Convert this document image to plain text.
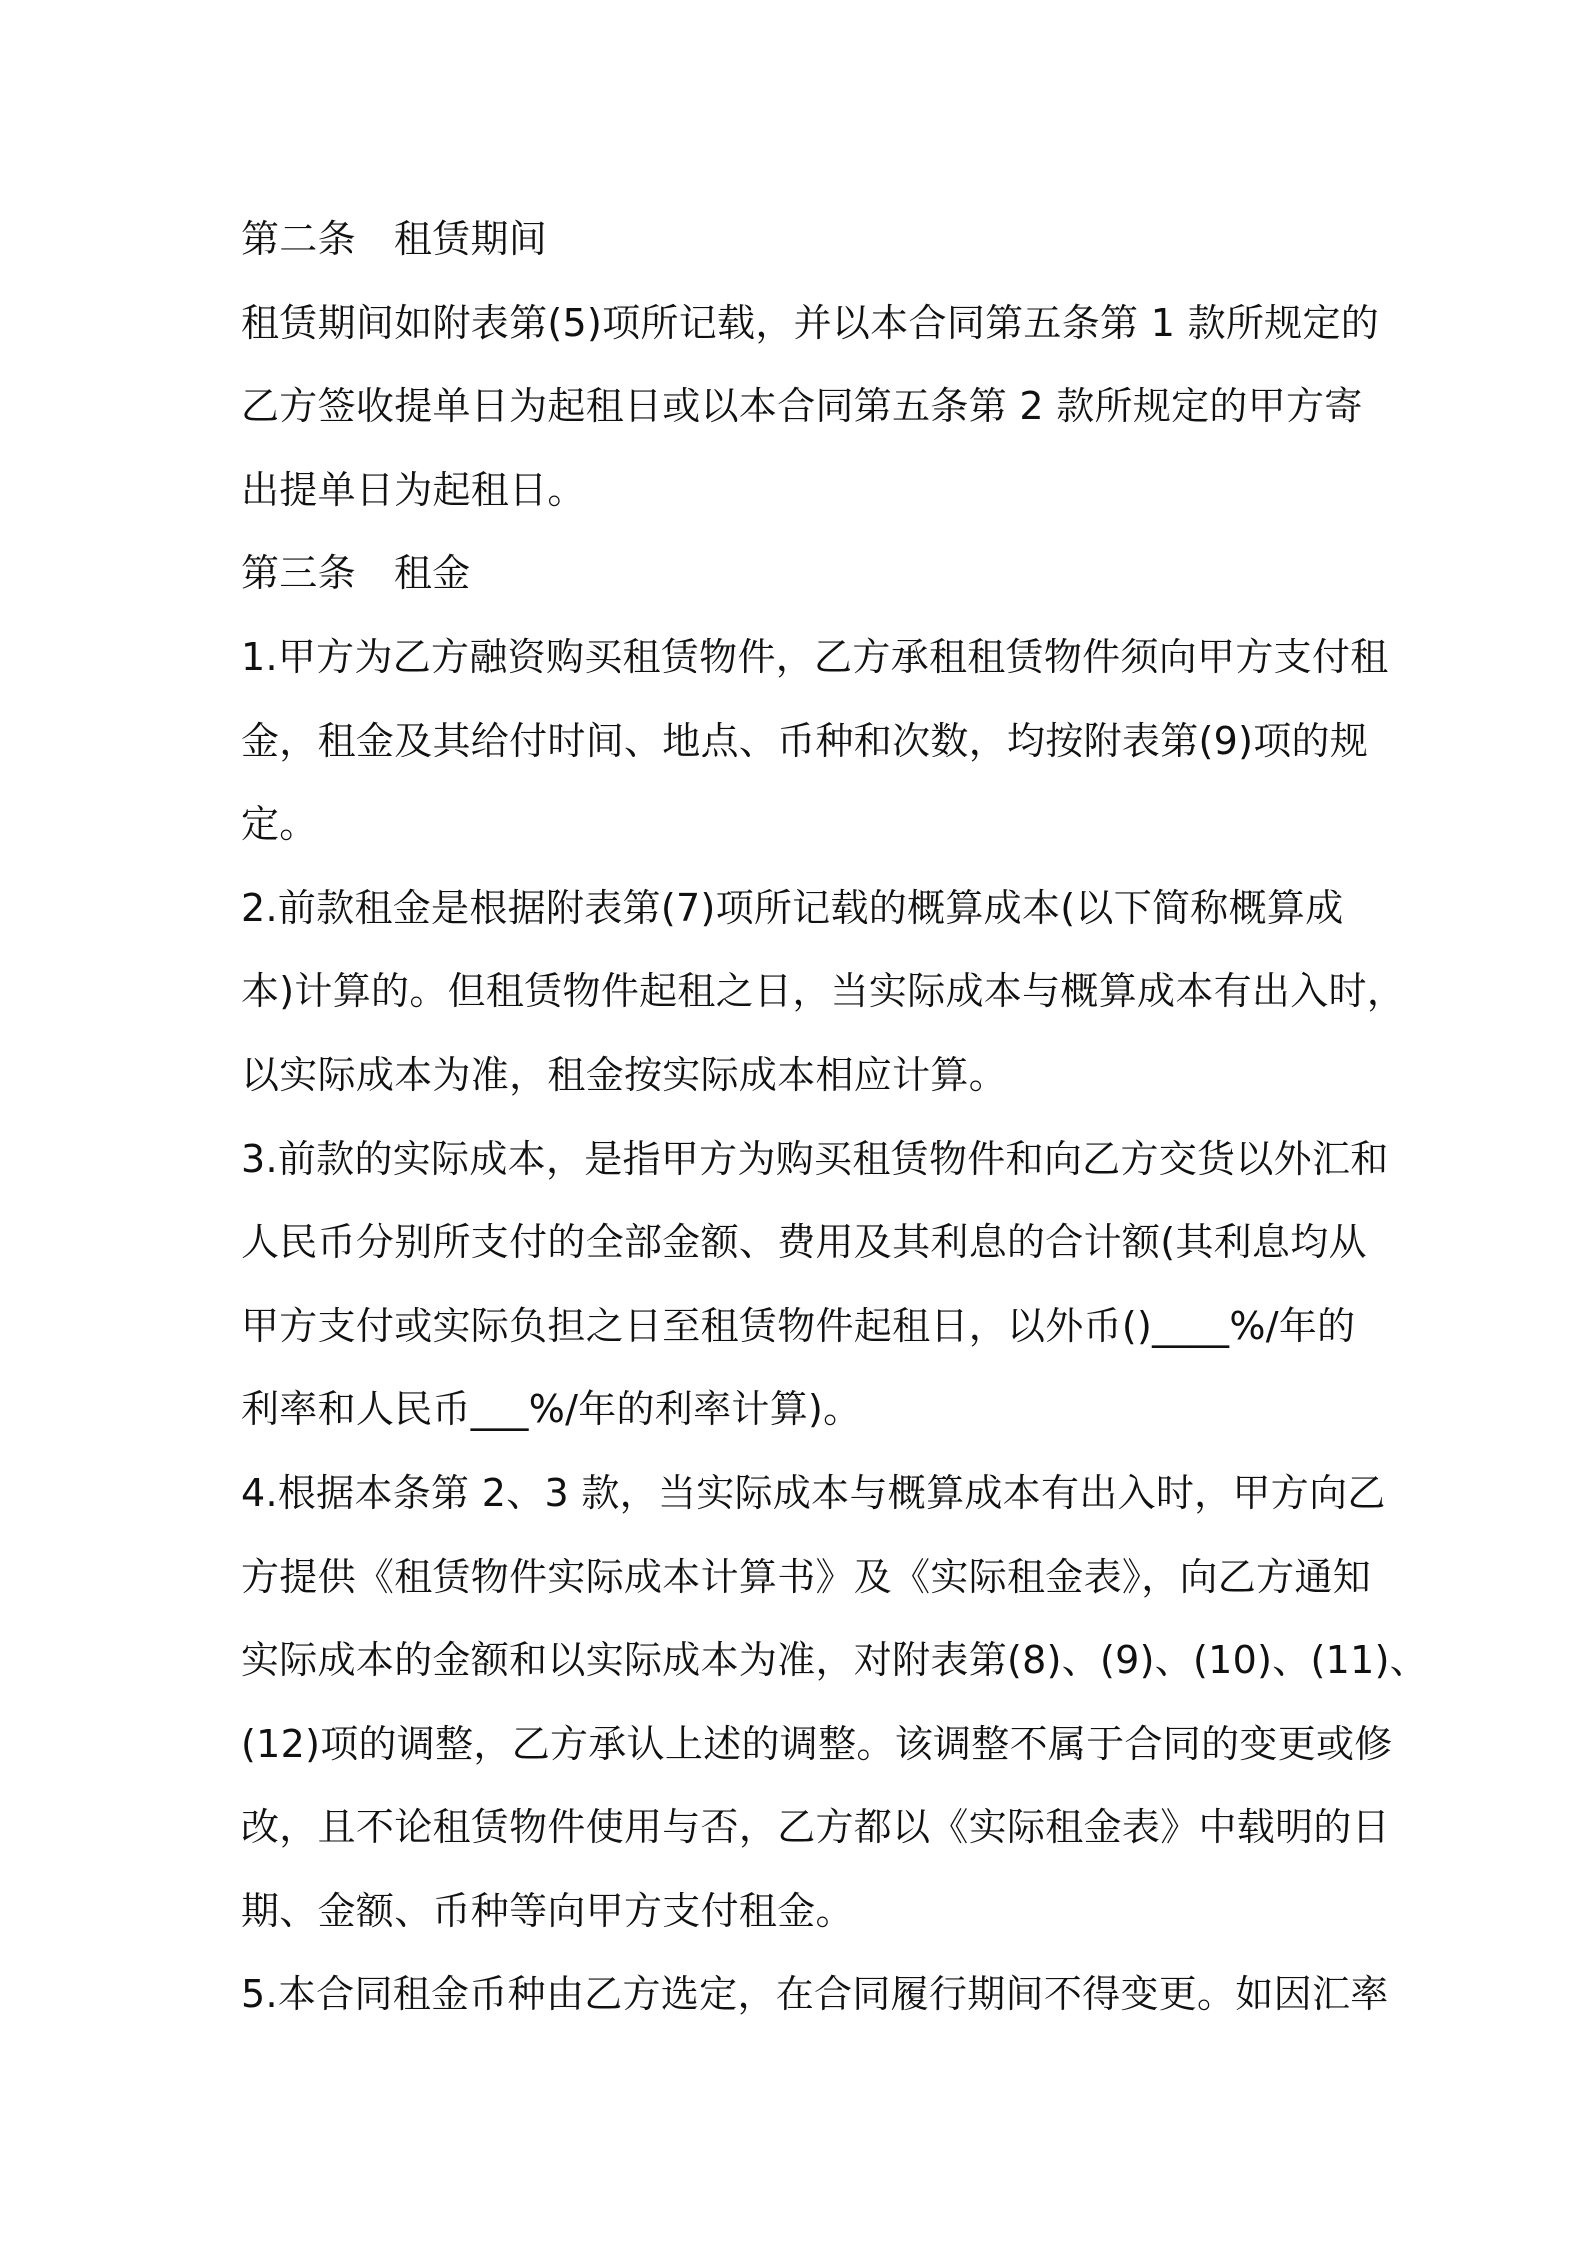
第二条 租赁期间

租赁期间如附表第(5)项所记载，并以本合同第五条第 1 款所规定的

乙方签收提单日为起租日或以本合同第五条第 2 款所规定的甲方寄

出提单日为起租日。

第三条 租金

1.甲方为乙方融资购买租赁物件，乙方承租租赁物件须向甲方支付租

金，租金及其给付时间、地点、币种和次数，均按附表第(9)项的规

定。

2.前款租金是根据附表第(7)项所记载的概算成本(以下简称概算成

本)计算的。但租赁物件起租之日，当实际成本与概算成本有出入时，

以实际成本为准，租金按实际成本相应计算。

3.前款的实际成本，是指甲方为购买租赁物件和向乙方交货以外汇和

人民币分别所支付的全部金额、费用及其利息的合计额(其利息均从

甲方支付或实际负担之日至租赁物件起租日，以外币()____%/年的

利率和人民币___%/年的利率计算)。

4.根据本条第 2、3 款，当实际成本与概算成本有出入时，甲方向乙

方提供《租赁物件实际成本计算书》及《实际租金表》，向乙方通知

实际成本的金额和以实际成本为准，对附表第(8)、(9)、(10)、(11)、

(12)项的调整，乙方承认上述的调整。该调整不属于合同的变更或修

改，且不论租赁物件使用与否，乙方都以《实际租金表》中载明的日

期、金额、币种等向甲方支付租金。

5.本合同租金币种由乙方选定，在合同履行期间不得变更。如因汇率
